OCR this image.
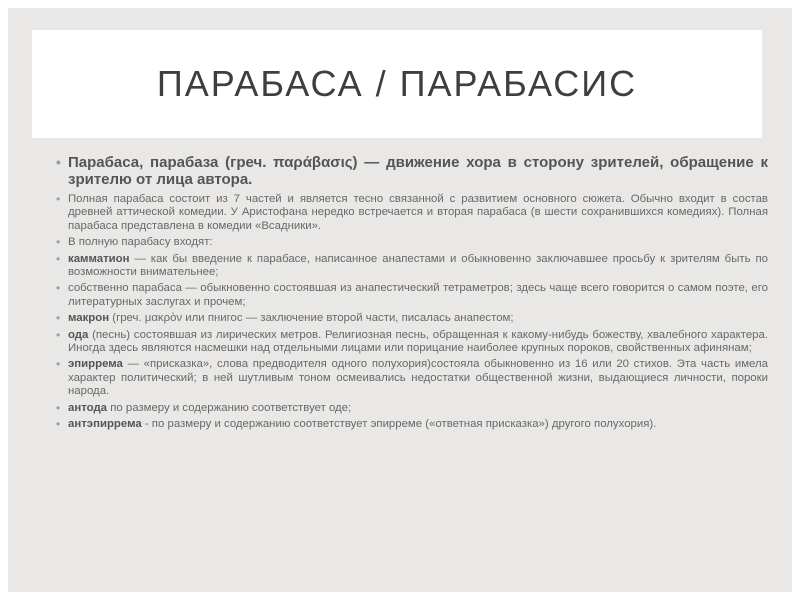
ПАРАБАСА / ПАРАБАСИС
• Парабаса, парабаза (греч. παράβασις) — движение хора в сторону зрителей, обращение к зрителю от лица автора.
• Полная парабаса состоит из 7 частей и является тесно связанной с развитием основного сюжета. Обычно входит в состав древней аттической комедии. У Аристофана нередко встречается и вторая парабаса (в шести сохранившихся комедиях). Полная парабаса представлена в комедии «Всадники».
• В полную парабасу входят:
• камматион — как бы введение к парабасе, написанное анапестами и обыкновенно заключавшее просьбу к зрителям быть по возможности внимательнее;
• собственно парабаса — обыкновенно состоявшая из анапестический тетраметров; здесь чаще всего говорится о самом поэте, его литературных заслугах и прочем;
• макрон (греч. μακρὸν или пнигос — заключение второй части, писалась анапестом;
• ода (песнь) состоявшая из лирических метров. Религиозная песнь, обращенная к какому-нибудь божеству, хвалебного характера. Иногда здесь являются насмешки над отдельными лицами или порицание наиболее крупных пороков, свойственных афинянам;
• эпиррема — «присказка», слова предводителя одного полухория)состояла обыкновенно из 16 или 20 стихов. Эта часть имела характер политический; в ней шутливым тоном осмеивались недостатки общественной жизни, выдающиеся личности, пороки народа.
• антода по размеру и содержанию соответствует оде;
• антэпиррема - по размеру и содержанию соответствует эпирреме («ответная присказка») другого полухория).
